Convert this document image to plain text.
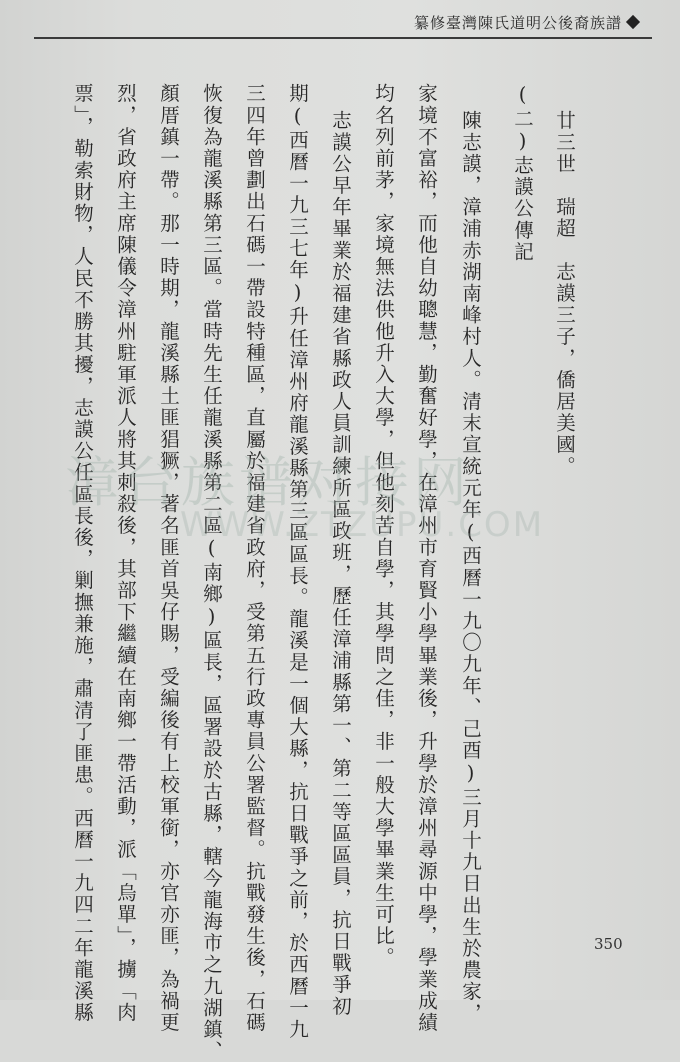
纂修臺灣陳氏道明公後裔族譜
廿三世　瑞超　志謨三子，僑居美國。
(二)志謨公傳記
陳志謨，漳浦赤湖南峰村人。清末宣統元年(西曆一九〇九年、己酉)三月十九日出生於農家，
家境不富裕，而他自幼聰慧，勤奮好學，在漳州市育賢小學畢業後，升學於漳州尋源中學，學業成績
均名列前茅，家境無法供他升入大學，但他刻苦自學，其學問之佳，非一般大學畢業生可比。
志謨公早年畢業於福建省縣政人員訓練所區政班，歷任漳浦縣第一、第二等區區員，抗日戰爭初
期(西曆一九三七年)升任漳州府龍溪縣第三區區長。龍溪是一個大縣，抗日戰爭之前，於西曆一九
三四年曾劃出石碼一帶設特種區，直屬於福建省政府，受第五行政專員公署監督。抗戰發生後，石碼
恢復為龍溪縣第三區。當時先生任龍溪縣第二區(南鄉)區長，區署設於古縣，轄今龍海市之九湖鎮、
顏厝鎮一帶。那一時期，龍溪縣土匪猖獗，著名匪首吳仔賜，受編後有上校軍銜，亦官亦匪，為禍更
烈，省政府主席陳儀令漳州駐軍派人將其刺殺後，其部下繼續在南鄉一帶活動，派「烏單」，擄「肉
票」，勒索財物，人民不勝其擾，志謨公任區長後，剿撫兼施，肅清了匪患。西曆一九四二年龍溪縣
漳台族谱对接网
WWW.ZTZUPU.COM
350
